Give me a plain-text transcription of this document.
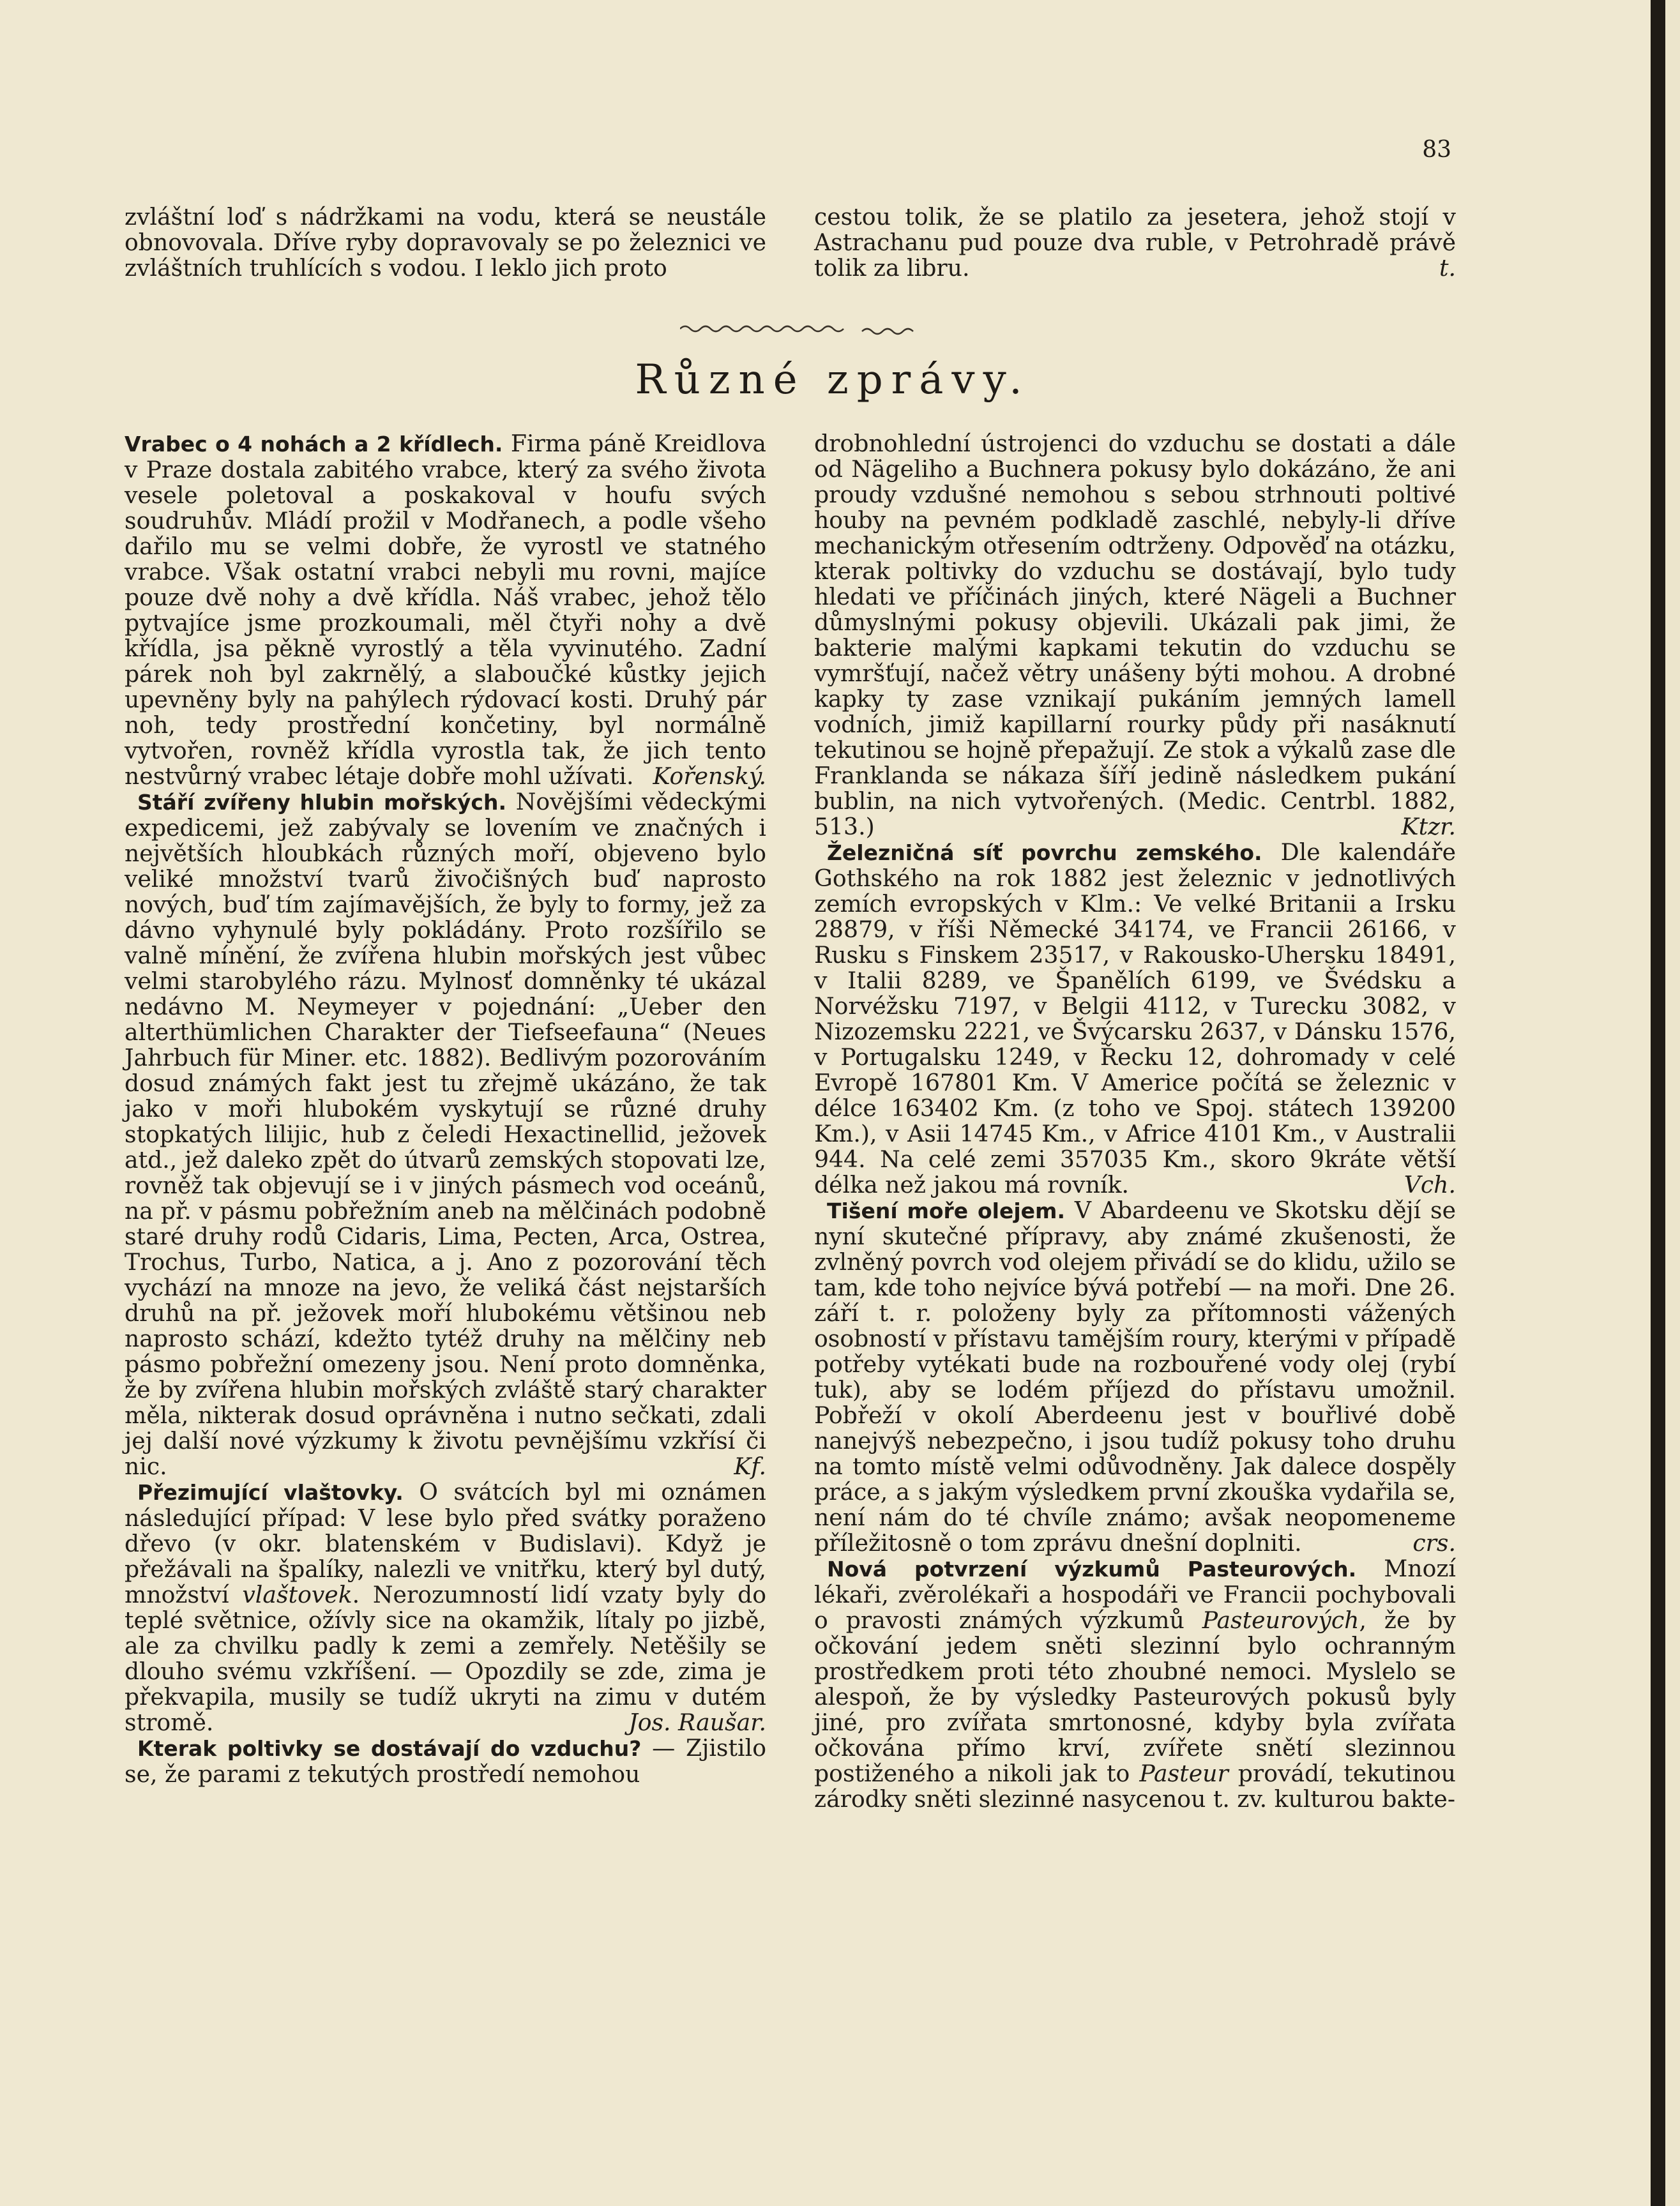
83

zvláštní loď s nádržkami na vodu, která se neustále obnovovala. Dříve ryby dopravovaly se po železnici ve zvláštních truhlících s vodou. I leklo jich proto

cestou tolik, že se platilo za jesetera, jehož stojí v Astrachanu pud pouze dva ruble, v Petrohradě právě tolik za libru.	t.

Různé zprávy.

Vrabec o 4 nohách a 2 křídlech. Firma páně Kreidlova v Praze dostala zabitého vrabce, který za svého života vesele poletoval a poskakoval v houfu svých soudruhův. Mládí prožil v Modřanech, a podle všeho dařilo mu se velmi dobře, že vyrostl ve statného vrabce. Však ostatní vrabci nebyli mu rovni, majíce pouze dvě nohy a dvě křídla. Náš vrabec, jehož tělo pytvajíce jsme prozkoumali, měl čtyři nohy a dvě křídla, jsa pěkně vyrostlý a těla vyvinutého. Zadní párek noh byl zakrnělý, a slaboučké kůstky jejich upevněny byly na pahýlech rýdovací kosti. Druhý pár noh, tedy prostřední končetiny, byl normálně vytvořen, rovněž křídla vyrostla tak, že jich tento nestvůrný vrabec létaje dobře mohl užívati. Kořenský.

Stáří zvířeny hlubin mořských. Novějšími vědeckými expedicemi, jež zabývaly se lovením ve značných i největších hloubkách různých moří, objeveno bylo veliké množství tvarů živočišných buď naprosto nových, buď tím zajímavějších, že byly to formy, jež za dávno vyhynulé byly pokládány. Proto rozšířilo se valně mínění, že zvířena hlubin mořských jest vůbec velmi starobylého rázu. Mylnosť domněnky té ukázal nedávno M. Neymeyer v pojednání: „Ueber den alterthümlichen Charakter der Tiefseefauna“ (Neues Jahrbuch für Miner. etc. 1882). Bedlivým pozorováním dosud známých fakt jest tu zřejmě ukázáno, že tak jako v moři hlubokém vyskytují se různé druhy stopkatých lilijic, hub z čeledi Hexactinellid, ježovek atd., jež daleko zpět do útvarů zemských stopovati lze, rovněž tak objevují se i v jiných pásmech vod oceánů, na př. v pásmu pobřežním aneb na mělčinách podobně staré druhy rodů Cidaris, Lima, Pecten, Arca, Ostrea, Trochus, Turbo, Natica, a j. Ano z pozorování těch vychází na mnoze na jevo, že veliká část nejstarších druhů na př. ježovek moří hlubokému většinou neb naprosto schází, kdežto tytéž druhy na mělčiny neb pásmo pobřežní omezeny jsou. Není proto domněnka, že by zvířena hlubin mořských zvláště starý charakter měla, nikterak dosud oprávněna i nutno sečkati, zdali jej další nové výzkumy k životu pevnějšímu vzkřísí či nic.	Kf.

Přezimující vlaštovky. O svátcích byl mi oznámen následující případ: V lese bylo před svátky poraženo dřevo (v okr. blatenském v Budislavi). Když je přežávali na špalíky, nalezli ve vnitřku, který byl dutý, množství vlaštovek. Nerozumností lidí vzaty byly do teplé světnice, ožívly sice na okamžik, lítaly po jizbě, ale za chvilku padly k zemi a zemřely. Netěšily se dlouho svému vzkříšení. — Opozdily se zde, zima je překvapila, musily se tudíž ukryti na zimu v dutém stromě.	Jos. Raušar.

Kterak poltivky se dostávají do vzduchu? — Zjistilo se, že parami z tekutých prostředí nemohou

drobnohlední ústrojenci do vzduchu se dostati a dále od Nägeliho a Buchnera pokusy bylo dokázáno, že ani proudy vzdušné nemohou s sebou strhnouti poltivé houby na pevném podkladě zaschlé, nebyly-li dříve mechanickým otřesením odtrženy. Odpověď na otázku, kterak poltivky do vzduchu se dostávají, bylo tudy hledati ve příčinách jiných, které Nägeli a Buchner důmyslnými pokusy objevili. Ukázali pak jimi, že bakterie malými kapkami tekutin do vzduchu se vymršťují, načež větry unášeny býti mohou. A drobné kapky ty zase vznikají pukáním jemných lamell vodních, jimiž kapillarní rourky půdy při nasáknutí tekutinou se hojně přepažují. Ze stok a výkalů zase dle Franklanda se nákaza šíří jedině následkem pukání bublin, na nich vytvořených. (Medic. Centrbl. 1882, 513.)	Ktzr.

Železničná síť povrchu zemského. Dle kalendáře Gothského na rok 1882 jest železnic v jednotlivých zemích evropských v Klm.: Ve velké Britanii a Irsku 28879, v říši Německé 34174, ve Francii 26166, v Rusku s Finskem 23517, v Rakousko-Uhersku 18491, v Italii 8289, ve Španělích 6199, ve Švédsku a Norvéžsku 7197, v Belgii 4112, v Turecku 3082, v Nizozemsku 2221, ve Švýcarsku 2637, v Dánsku 1576, v Portugalsku 1249, v Řecku 12, dohromady v celé Evropě 167801 Km. V Americe počítá se železnic v délce 163402 Km. (z toho ve Spoj. státech 139200 Km.), v Asii 14745 Km., v Africe 4101 Km., v Australii 944. Na celé zemi 357035 Km., skoro 9kráte větší délka než jakou má rovník.	Vch.

Tišení moře olejem. V Abardeenu ve Skotsku dějí se nyní skutečné přípravy, aby známé zkušenosti, že zvlněný povrch vod olejem přivádí se do klidu, užilo se tam, kde toho nejvíce bývá potřebí — na moři. Dne 26. září t. r. položeny byly za přítomnosti vážených osobností v přístavu tamějším roury, kterými v případě potřeby vytékati bude na rozbouřené vody olej (rybí tuk), aby se lodém příjezd do přístavu umožnil. Pobřeží v okolí Aberdeenu jest v bouřlivé době nanejvýš nebezpečno, i jsou tudíž pokusy toho druhu na tomto místě velmi odůvodněny. Jak dalece dospěly práce, a s jakým výsledkem první zkouška vydařila se, není nám do té chvíle známo; avšak neopomeneme příležitosně o tom zprávu dnešní doplniti.	crs.

Nová potvrzení výzkumů Pasteurových. Mnozí lékaři, zvěrolékaři a hospodáři ve Francii pochybovali o pravosti známých výzkumů Pasteurových, že by očkování jedem sněti slezinní bylo ochranným prostředkem proti této zhoubné nemoci. Myslelo se alespoň, že by výsledky Pasteurových pokusů byly jiné, pro zvířata smrtonosné, kdyby byla zvířata očkována přímo krví, zvířete snětí slezinnou postiženého a nikoli jak to Pasteur provádí, tekutinou zárodky sněti slezinné nasycenou t. zv. kulturou bakte-
